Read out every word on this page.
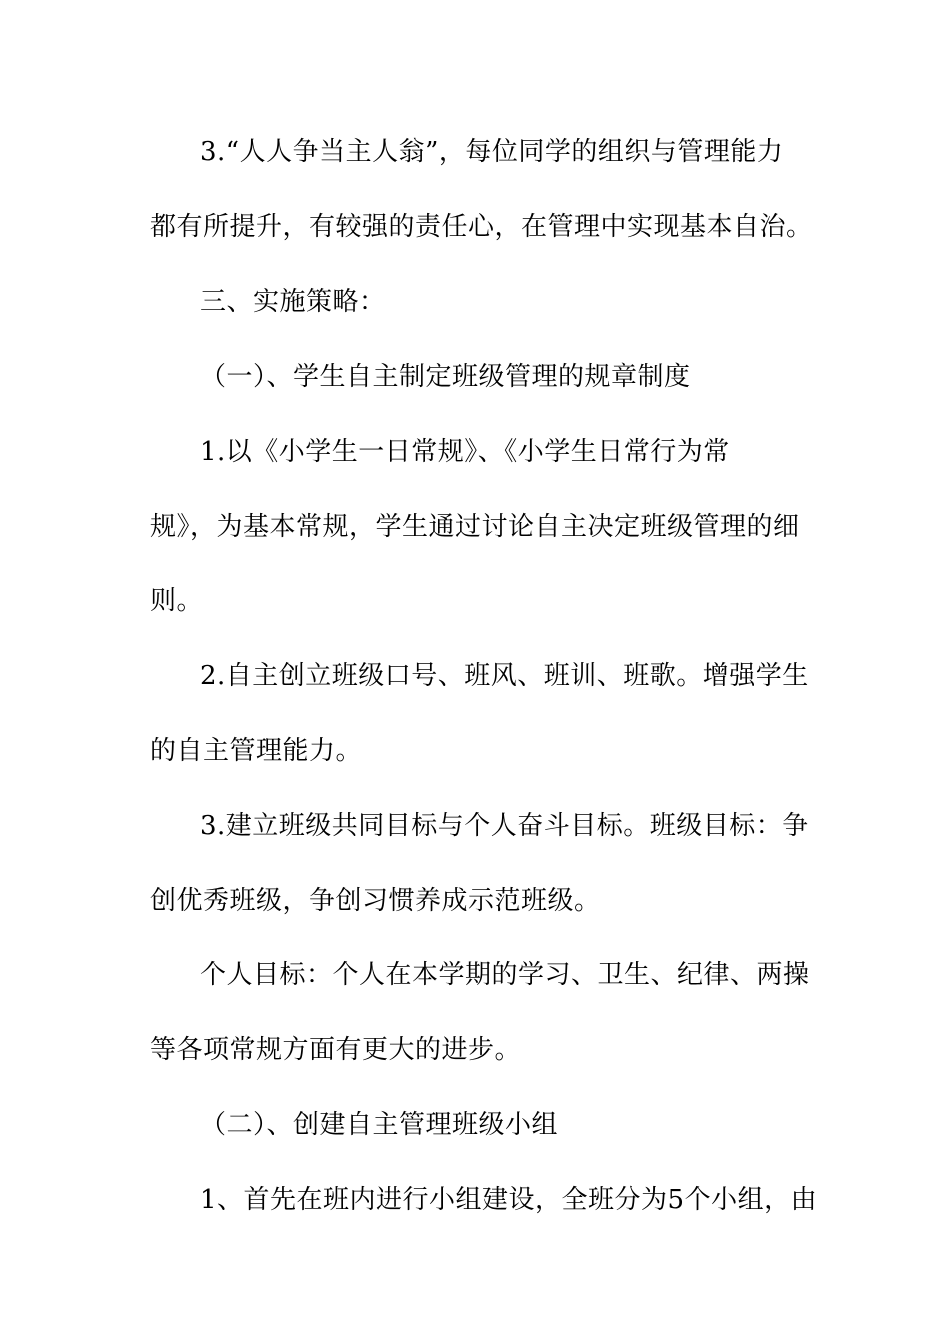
3.“人人争当主人翁”，每位同学的组织与管理能力
都有所提升，有较强的责任心，在管理中实现基本自治。
三、实施策略：
（一）、学生自主制定班级管理的规章制度
1.以《小学生一日常规》、《小学生日常行为常
规》，为基本常规，学生通过讨论自主决定班级管理的细
则。
2.自主创立班级口号、班风、班训、班歌。增强学生
的自主管理能力。
3.建立班级共同目标与个人奋斗目标。班级目标：争
创优秀班级，争创习惯养成示范班级。
个人目标：个人在本学期的学习、卫生、纪律、两操
等各项常规方面有更大的进步。
（二）、创建自主管理班级小组
1、首先在班内进行小组建设，全班分为5个小组，由
